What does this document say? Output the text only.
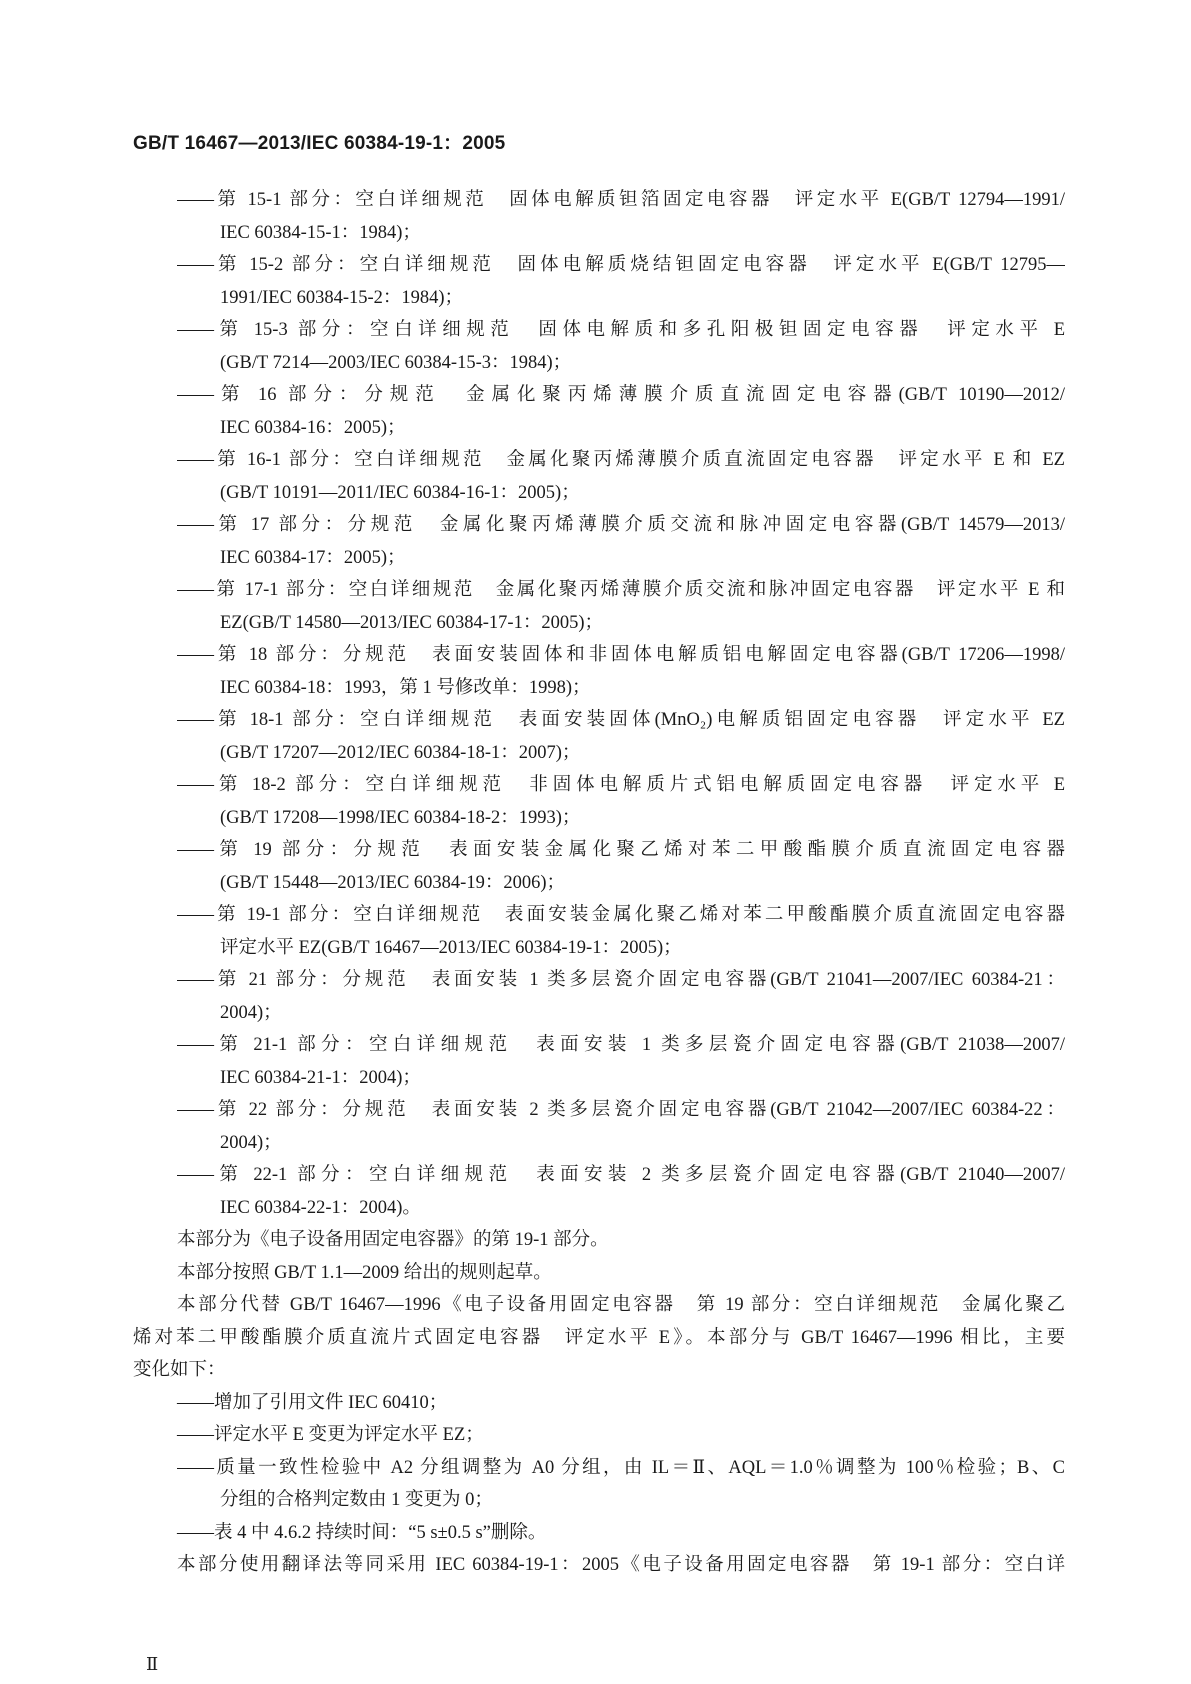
GB/T 16467—2013/IEC 60384-19-1：2005
——第 15-1 部分：空白详细规范　固体电解质钽箔固定电容器　评定水平 E(GB/T 12794—1991/
IEC 60384-15-1：1984)；
——第 15-2 部分：空白详细规范　固体电解质烧结钽固定电容器　评定水平 E(GB/T 12795—
1991/IEC 60384-15-2：1984)；
——第 15-3 部分：空白详细规范　固体电解质和多孔阳极钽固定电容器　评定水平 E
(GB/T 7214—2003/IEC 60384-15-3：1984)；
——第 16 部分：分规范　金属化聚丙烯薄膜介质直流固定电容器(GB/T 10190—2012/
IEC 60384-16：2005)；
——第 16-1 部分：空白详细规范　金属化聚丙烯薄膜介质直流固定电容器　评定水平 E 和 EZ
(GB/T 10191—2011/IEC 60384-16-1：2005)；
——第 17 部分：分规范　金属化聚丙烯薄膜介质交流和脉冲固定电容器(GB/T 14579—2013/
IEC 60384-17：2005)；
——第 17-1 部分：空白详细规范　金属化聚丙烯薄膜介质交流和脉冲固定电容器　评定水平 E 和
EZ(GB/T 14580—2013/IEC 60384-17-1：2005)；
——第 18 部分：分规范　表面安装固体和非固体电解质铝电解固定电容器(GB/T 17206—1998/
IEC 60384-18：1993，第 1 号修改单：1998)；
——第 18-1 部分：空白详细规范　表面安装固体(MnO₂)电解质铝固定电容器　评定水平 EZ
(GB/T 17207—2012/IEC 60384-18-1：2007)；
——第 18-2 部分：空白详细规范　非固体电解质片式铝电解质固定电容器　评定水平 E
(GB/T 17208—1998/IEC 60384-18-2：1993)；
——第 19 部分：分规范　表面安装金属化聚乙烯对苯二甲酸酯膜介质直流固定电容器
(GB/T 15448—2013/IEC 60384-19：2006)；
——第 19-1 部分：空白详细规范　表面安装金属化聚乙烯对苯二甲酸酯膜介质直流固定电容器
评定水平 EZ(GB/T 16467—2013/IEC 60384-19-1：2005)；
——第 21 部分：分规范　表面安装 1 类多层瓷介固定电容器(GB/T 21041—2007/IEC 60384-21：
2004)；
——第 21-1 部分：空白详细规范　表面安装 1 类多层瓷介固定电容器(GB/T 21038—2007/
IEC 60384-21-1：2004)；
——第 22 部分：分规范　表面安装 2 类多层瓷介固定电容器(GB/T 21042—2007/IEC 60384-22：
2004)；
——第 22-1 部分：空白详细规范　表面安装 2 类多层瓷介固定电容器(GB/T 21040—2007/
IEC 60384-22-1：2004)。
本部分为《电子设备用固定电容器》的第 19-1 部分。
本部分按照 GB/T 1.1—2009 给出的规则起草。
本部分代替 GB/T 16467—1996《电子设备用固定电容器　第 19 部分：空白详细规范　金属化聚乙
烯对苯二甲酸酯膜介质直流片式固定电容器　评定水平 E》。本部分与 GB/T 16467—1996 相比，主要
变化如下：
——增加了引用文件 IEC 60410；
——评定水平 E 变更为评定水平 EZ；
——质量一致性检验中 A2 分组调整为 A0 分组，由 IL＝Ⅱ、AQL＝1.0％调整为 100％检验；B、C
分组的合格判定数由 1 变更为 0；
——表 4 中 4.6.2 持续时间：“5 s±0.5 s”删除。
本部分使用翻译法等同采用 IEC 60384-19-1：2005《电子设备用固定电容器　第 19-1 部分：空白详
Ⅱ
